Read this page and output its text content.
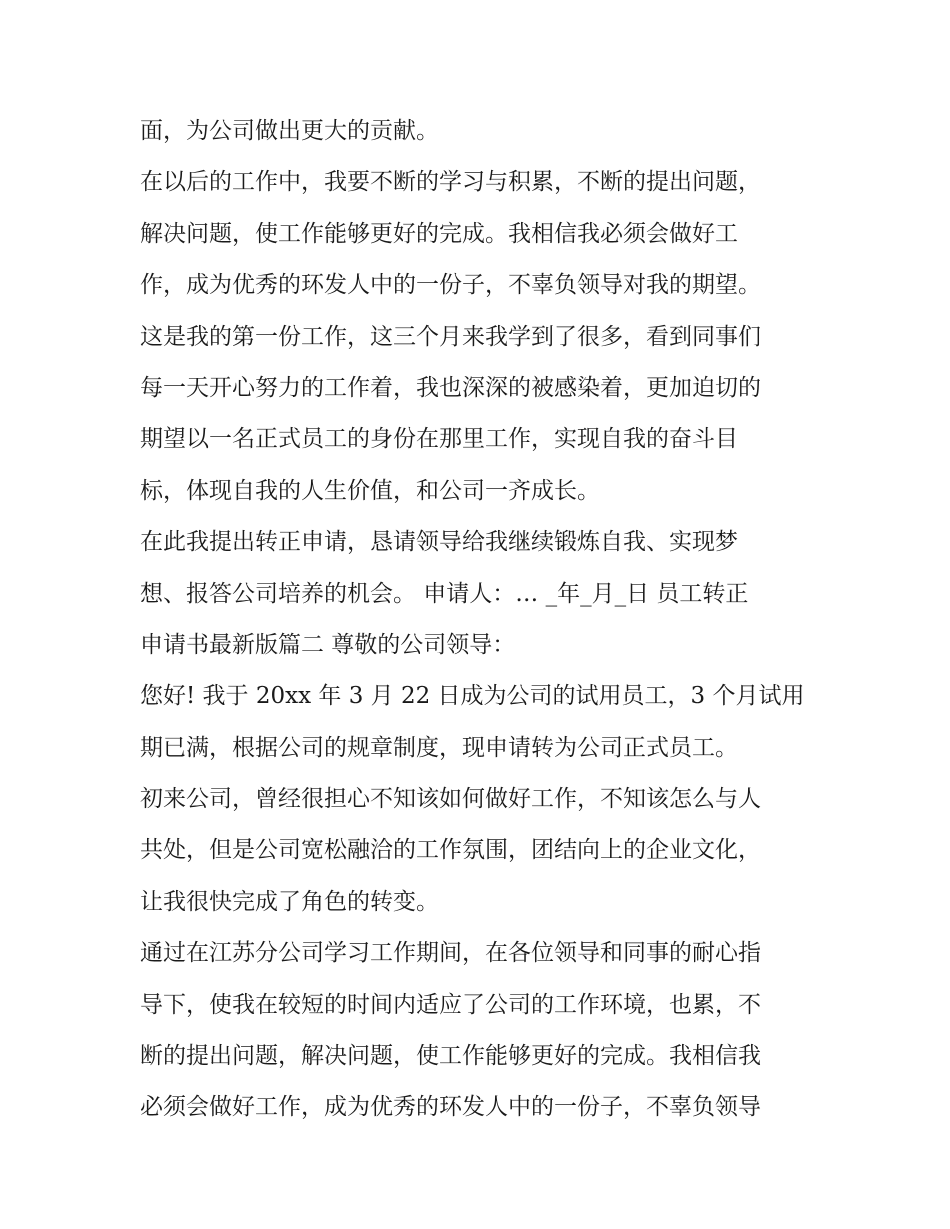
面，为公司做出更大的贡献。
在以后的工作中，我要不断的学习与积累，不断的提出问题，
解决问题，使工作能够更好的完成。我相信我必须会做好工
作，成为优秀的环发人中的一份子，不辜负领导对我的期望。
这是我的第一份工作，这三个月来我学到了很多，看到同事们
每一天开心努力的工作着，我也深深的被感染着，更加迫切的
期望以一名正式员工的身份在那里工作，实现自我的奋斗目
标，体现自我的人生价值，和公司一齐成长。
在此我提出转正申请，恳请领导给我继续锻炼自我、实现梦
想、报答公司培养的机会。 申请人：… _年_月_日 员工转正
申请书最新版篇二 尊敬的公司领导：
您好! 我于 20xx 年 3 月 22 日成为公司的试用员工，3 个月试用
期已满，根据公司的规章制度，现申请转为公司正式员工。
初来公司，曾经很担心不知该如何做好工作，不知该怎么与人
共处，但是公司宽松融洽的工作氛围，团结向上的企业文化，
让我很快完成了角色的转变。
通过在江苏分公司学习工作期间，在各位领导和同事的耐心指
导下，使我在较短的时间内适应了公司的工作环境，也累，不
断的提出问题，解决问题，使工作能够更好的完成。我相信我
必须会做好工作，成为优秀的环发人中的一份子，不辜负领导
